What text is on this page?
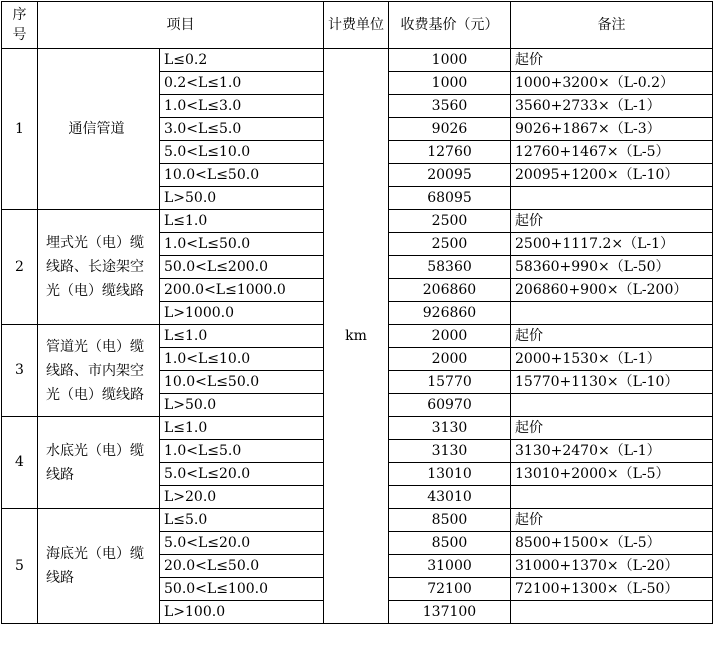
序号	项目		计费单位	收费基价（元）	备注
1	通信管道	L≤0.2	km	1000	起价
		0.2<L≤1.0		1000	1000+3200×（L-0.2）
		1.0<L≤3.0		3560	3560+2733×（L-1）
		3.0<L≤5.0		9026	9026+1867×（L-3）
		5.0<L≤10.0		12760	12760+1467×（L-5）
		10.0<L≤50.0		20095	20095+1200×（L-10）
		L>50.0		68095	
2	埋式光（电）缆线路、长途架空光（电）缆线路	L≤1.0		2500	起价
		1.0<L≤50.0		2500	2500+1117.2×（L-1）
		50.0<L≤200.0		58360	58360+990×（L-50）
		200.0<L≤1000.0		206860	206860+900×（L-200）
		L>1000.0		926860	
3	管道光（电）缆线路、市内架空光（电）缆线路	L≤1.0		2000	起价
		1.0<L≤10.0		2000	2000+1530×（L-1）
		10.0<L≤50.0		15770	15770+1130×（L-10）
		L>50.0		60970	
4	水底光（电）缆线路	L≤1.0		3130	起价
		1.0<L≤5.0		3130	3130+2470×（L-1）
		5.0<L≤20.0		13010	13010+2000×（L-5）
		L>20.0		43010	
5	海底光（电）缆线路	L≤5.0		8500	起价
		5.0<L≤20.0		8500	8500+1500×（L-5）
		20.0<L≤50.0		31000	31000+1370×（L-20）
		50.0<L≤100.0		72100	72100+1300×（L-50）
		L>100.0		137100	
